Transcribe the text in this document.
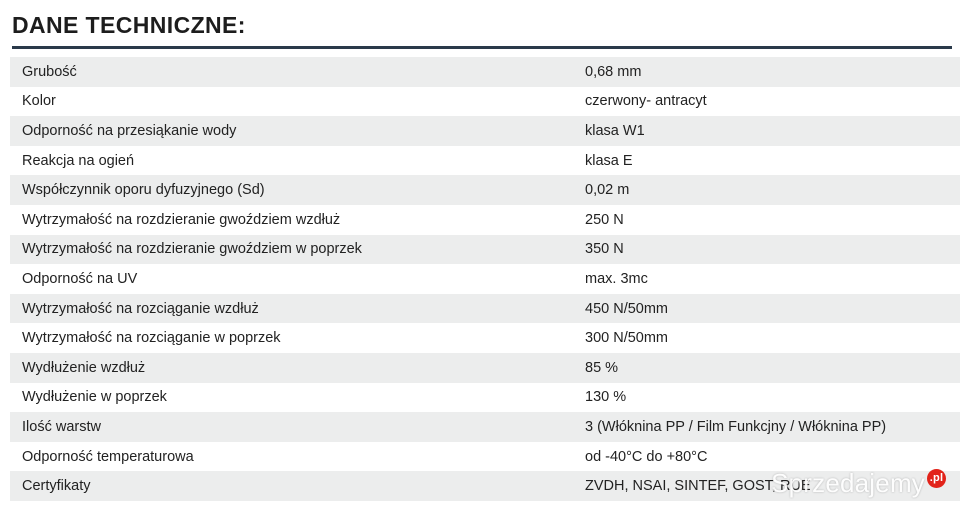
DANE TECHNICZNE:
Grubość	0,68 mm
Kolor	czerwony- antracyt
Odporność na przesiąkanie wody	klasa W1
Reakcja na ogień	klasa E
Współczynnik oporu dyfuzyjnego (Sd)	0,02 m
Wytrzymałość na rozdzieranie gwoździem wzdłuż	250 N
Wytrzymałość na rozdzieranie gwoździem w poprzek	350 N
Odporność na UV	max. 3mc
Wytrzymałość na rozciąganie wzdłuż	450 N/50mm
Wytrzymałość na rozciąganie w poprzek	300 N/50mm
Wydłużenie wzdłuż	85 %
Wydłużenie w poprzek	130 %
Ilość warstw	3 (Włóknina PP / Film Funkcjny / Włóknina PP)
Odporność temperaturowa	od -40°C do +80°C
Certyfikaty	ZVDH, NSAI, SINTEF, GOST, RUE
Sprzedajemy .pl
